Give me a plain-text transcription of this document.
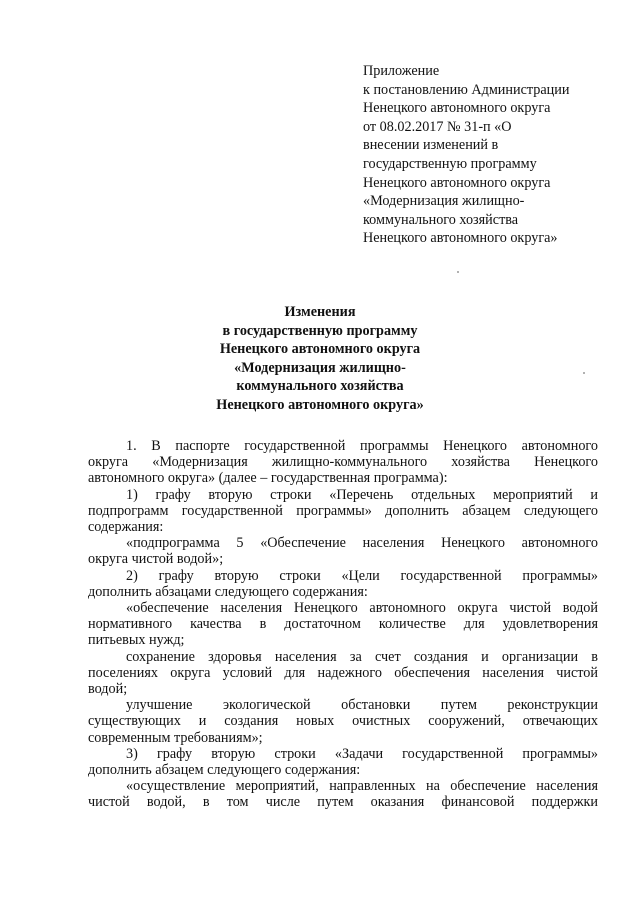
Приложение
к постановлению Администрации
Ненецкого автономного округа
от 08.02.2017 № 31-п «О
внесении изменений в
государственную программу
Ненецкого автономного округа
«Модернизация жилищно-
коммунального хозяйства
Ненецкого автономного округа»
Изменения
в государственную программу
Ненецкого автономного округа
«Модернизация жилищно-
коммунального хозяйства
Ненецкого автономного округа»
1. В паспорте государственной программы Ненецкого автономного
округа «Модернизация жилищно-коммунального хозяйства Ненецкого
автономного округа» (далее – государственная программа):
1) графу вторую строки «Перечень отдельных мероприятий и
подпрограмм государственной программы» дополнить абзацем следующего
содержания:
«подпрограмма 5 «Обеспечение населения Ненецкого автономного
округа чистой водой»;
2) графу вторую строки «Цели государственной программы»
дополнить абзацами следующего содержания:
«обеспечение населения Ненецкого автономного округа чистой водой
нормативного качества в достаточном количестве для удовлетворения
питьевых нужд;
сохранение здоровья населения за счет создания и организации в
поселениях округа условий для надежного обеспечения населения чистой
водой;
улучшение экологической обстановки путем реконструкции
существующих и создания новых очистных сооружений, отвечающих
современным требованиям»;
3) графу вторую строки «Задачи государственной программы»
дополнить абзацем следующего содержания:
«осуществление мероприятий, направленных на обеспечение населения
чистой водой, в том числе путем оказания финансовой поддержки
